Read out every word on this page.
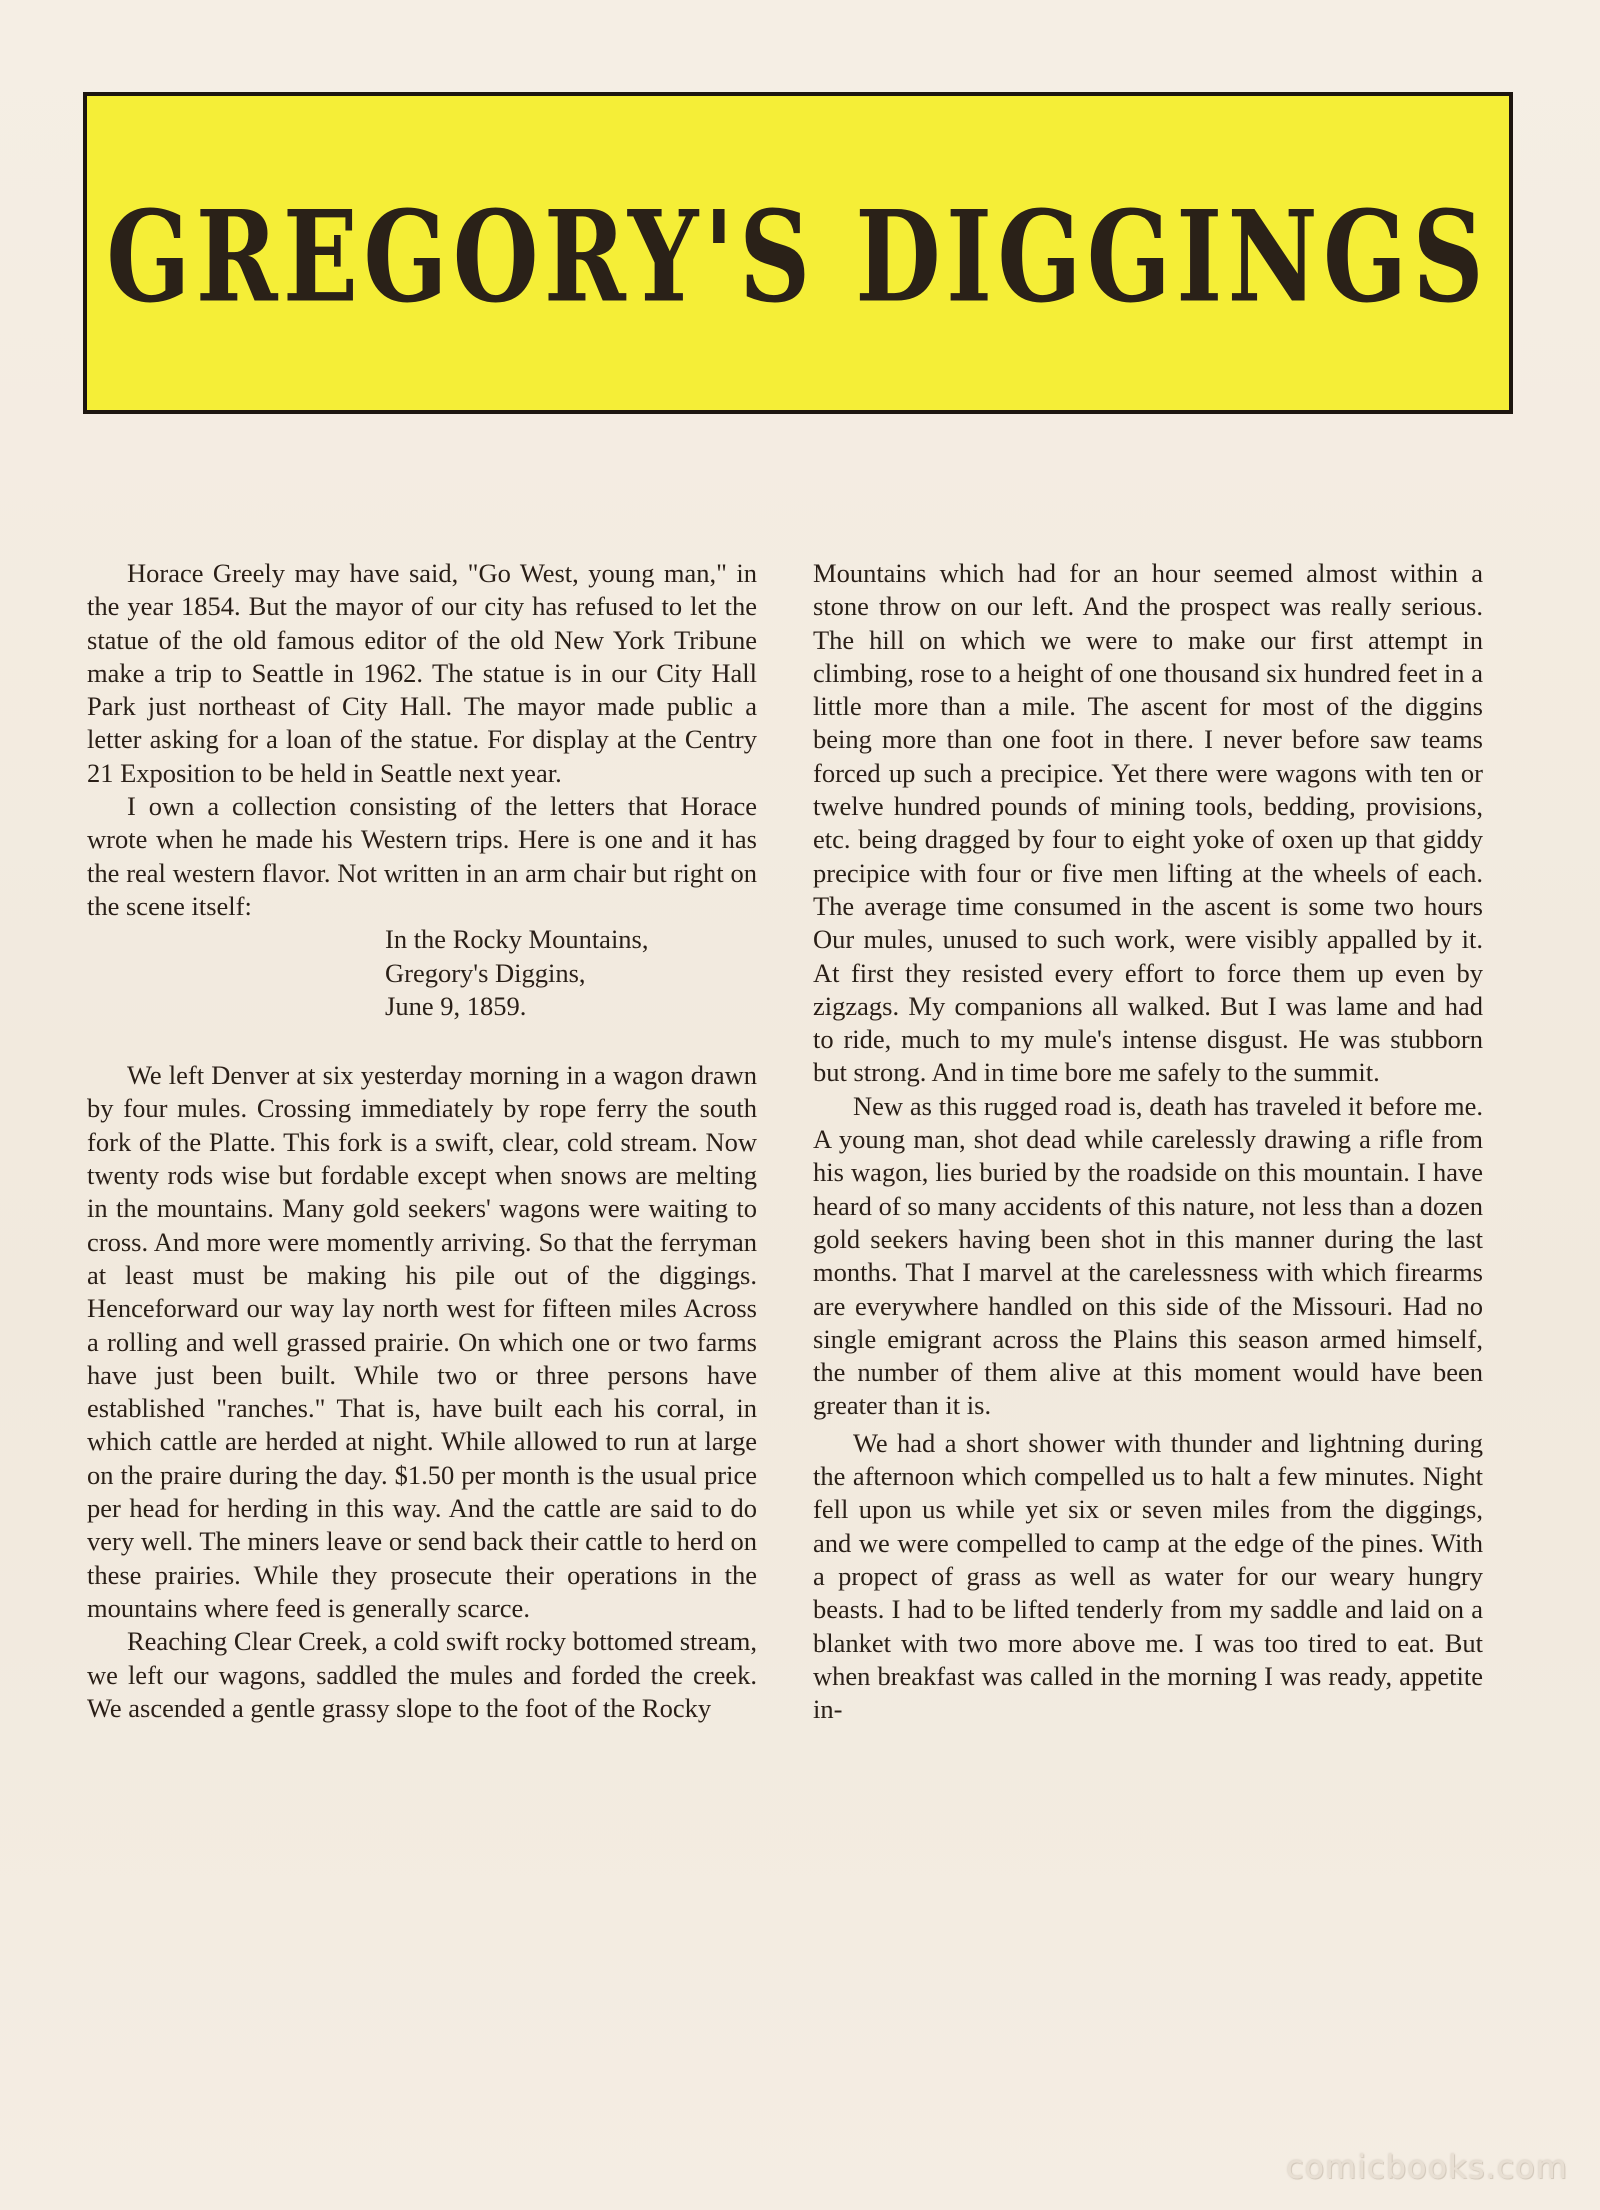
GREGORY'S DIGGINGS

Horace Greely may have said, "Go West, young man," in the year 1854. But the mayor of our city has refused to let the statue of the old famous editor of the old New York Tribune make a trip to Seattle in 1962. The statue is in our City Hall Park just northeast of City Hall. The mayor made public a letter asking for a loan of the statue. For display at the Centry 21 Exposition to be held in Seattle next year.

I own a collection consisting of the letters that Horace wrote when he made his Western trips. Here is one and it has the real western flavor. Not written in an arm chair but right on the scene itself:

In the Rocky Mountains,
Gregory's Diggins,
June 9, 1859.

We left Denver at six yesterday morning in a wagon drawn by four mules. Crossing immediately by rope ferry the south fork of the Platte. This fork is a swift, clear, cold stream. Now twenty rods wise but fordable except when snows are melting in the mountains. Many gold seekers' wagons were waiting to cross. And more were momently arriving. So that the ferryman at least must be making his pile out of the diggings. Henceforward our way lay north west for fifteen miles Across a rolling and well grassed prairie. On which one or two farms have just been built. While two or three persons have established "ranches." That is, have built each his corral, in which cattle are herded at night. While allowed to run at large on the praire during the day. $1.50 per month is the usual price per head for herding in this way. And the cattle are said to do very well. The miners leave or send back their cattle to herd on these prairies. While they prosecute their operations in the mountains where feed is generally scarce.

Reaching Clear Creek, a cold swift rocky bottomed stream, we left our wagons, saddled the mules and forded the creek. We ascended a gentle grassy slope to the foot of the Rocky

Mountains which had for an hour seemed almost within a stone throw on our left. And the prospect was really serious. The hill on which we were to make our first attempt in climbing, rose to a height of one thousand six hundred feet in a little more than a mile. The ascent for most of the diggins being more than one foot in there. I never before saw teams forced up such a precipice. Yet there were wagons with ten or twelve hundred pounds of mining tools, bedding, provisions, etc. being dragged by four to eight yoke of oxen up that giddy precipice with four or five men lifting at the wheels of each. The average time consumed in the ascent is some two hours Our mules, unused to such work, were visibly appalled by it. At first they resisted every effort to force them up even by zigzags. My companions all walked. But I was lame and had to ride, much to my mule's intense disgust. He was stubborn but strong. And in time bore me safely to the summit.

New as this rugged road is, death has traveled it before me. A young man, shot dead while carelessly drawing a rifle from his wagon, lies buried by the roadside on this mountain. I have heard of so many accidents of this nature, not less than a dozen gold seekers having been shot in this manner during the last months. That I marvel at the carelessness with which firearms are everywhere handled on this side of the Missouri. Had no single emigrant across the Plains this season armed himself, the number of them alive at this moment would have been greater than it is.

We had a short shower with thunder and lightning during the afternoon which compelled us to halt a few minutes. Night fell upon us while yet six or seven miles from the diggings, and we were compelled to camp at the edge of the pines. With a propect of grass as well as water for our weary hungry beasts. I had to be lifted tenderly from my saddle and laid on a blanket with two more above me. I was too tired to eat. But when breakfast was called in the morning I was ready, appetite in-

comicbooks.com
